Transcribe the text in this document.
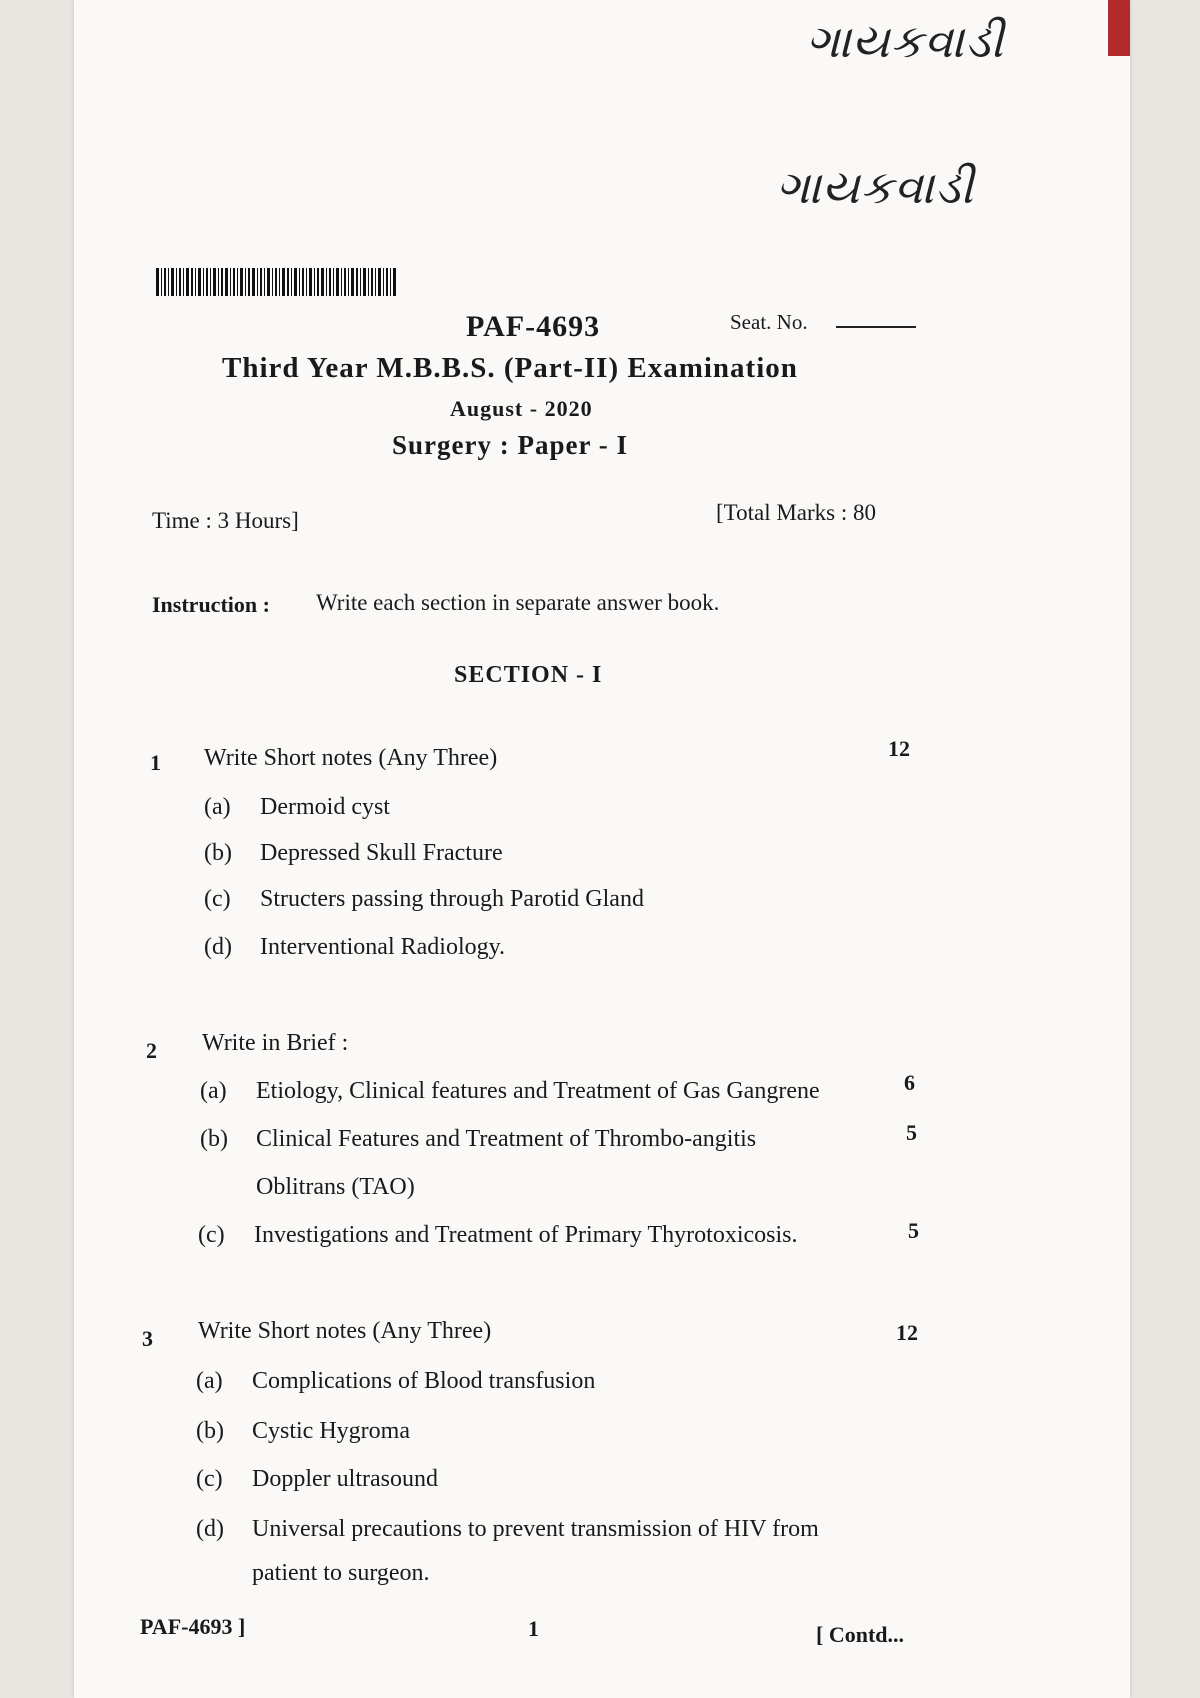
ગાયકવાડી
ગાયકવાડી
PAF-4693	Seat. No.
Third Year M.B.B.S. (Part-II) Examination
August - 2020
Surgery : Paper - I
Time : 3 Hours]	[Total Marks : 80
Instruction : Write each section in separate answer book.
SECTION - I
1 Write Short notes (Any Three)	12
(a) Dermoid cyst
(b) Depressed Skull Fracture
(c) Structers passing through Parotid Gland
(d) Interventional Radiology.
2 Write in Brief :
(a) Etiology, Clinical features and Treatment of Gas Gangrene	6
(b) Clinical Features and Treatment of Thrombo-angitis	5
Oblitrans (TAO)
(c) Investigations and Treatment of Primary Thyrotoxicosis.	5
3 Write Short notes (Any Three)	12
(a) Complications of Blood transfusion
(b) Cystic Hygroma
(c) Doppler ultrasound
(d) Universal precautions to prevent transmission of HIV from
patient to surgeon.
PAF-4693 ]	1	[ Contd...
